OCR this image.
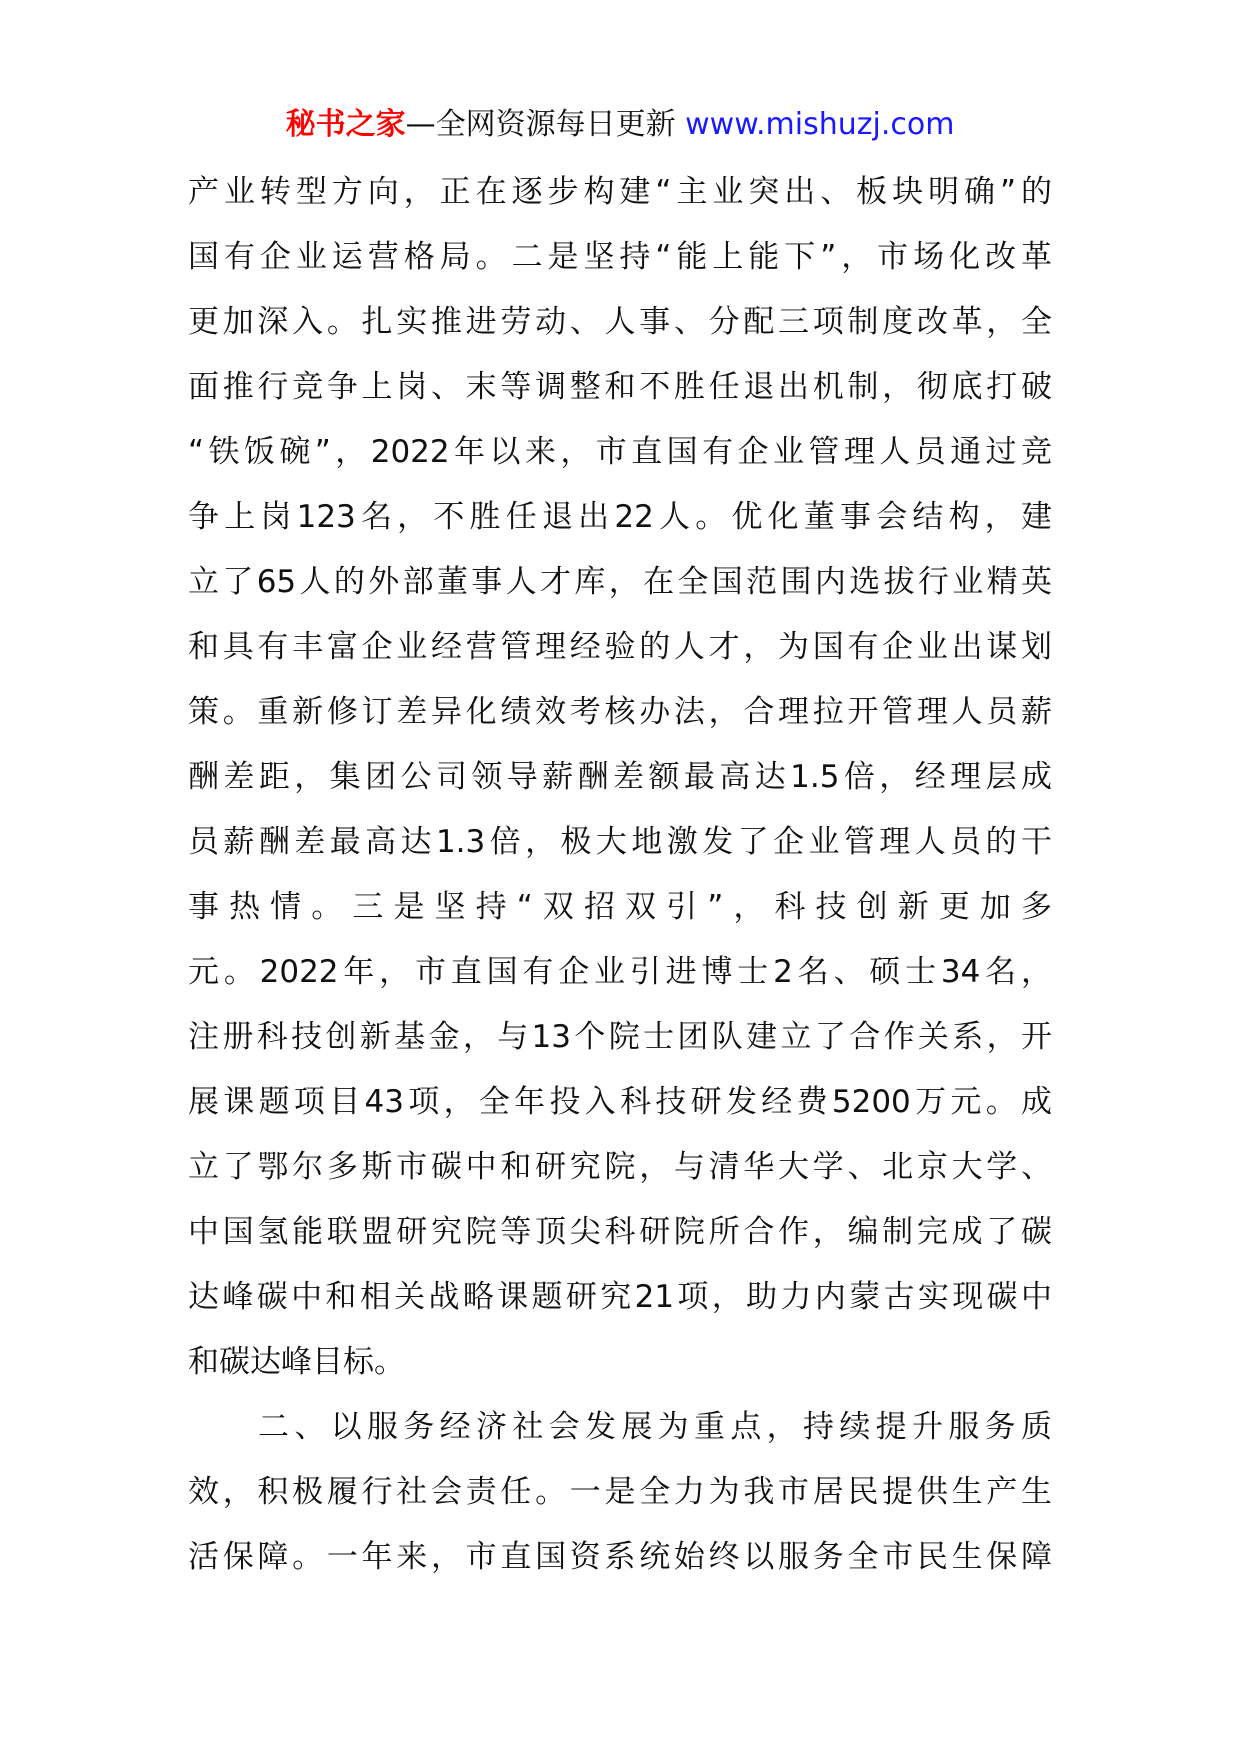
秘书之家—全网资源每日更新 www.mishuzj.com
产业转型方向，正在逐步构建“主业突出、板块明确”的
国有企业运营格局。二是坚持“能上能下”，市场化改革
更加深入。扎实推进劳动、人事、分配三项制度改革，全
面推行竞争上岗、末等调整和不胜任退出机制，彻底打破
“铁饭碗”，2022年以来，市直国有企业管理人员通过竞
争上岗123名，不胜任退出22人。优化董事会结构，建
立了65人的外部董事人才库，在全国范围内选拔行业精英
和具有丰富企业经营管理经验的人才，为国有企业出谋划
策。重新修订差异化绩效考核办法，合理拉开管理人员薪
酬差距，集团公司领导薪酬差额最高达1.5倍，经理层成
员薪酬差最高达1.3倍，极大地激发了企业管理人员的干
事热情。三是坚持“双招双引”，科技创新更加多
元。2022年，市直国有企业引进博士2名、硕士34名，
注册科技创新基金，与13个院士团队建立了合作关系，开
展课题项目43项，全年投入科技研发经费5200万元。成
立了鄂尔多斯市碳中和研究院，与清华大学、北京大学、
中国氢能联盟研究院等顶尖科研院所合作，编制完成了碳
达峰碳中和相关战略课题研究21项，助力内蒙古实现碳中
和碳达峰目标。
二、以服务经济社会发展为重点，持续提升服务质
效，积极履行社会责任。一是全力为我市居民提供生产生
活保障。一年来，市直国资系统始终以服务全市民生保障
